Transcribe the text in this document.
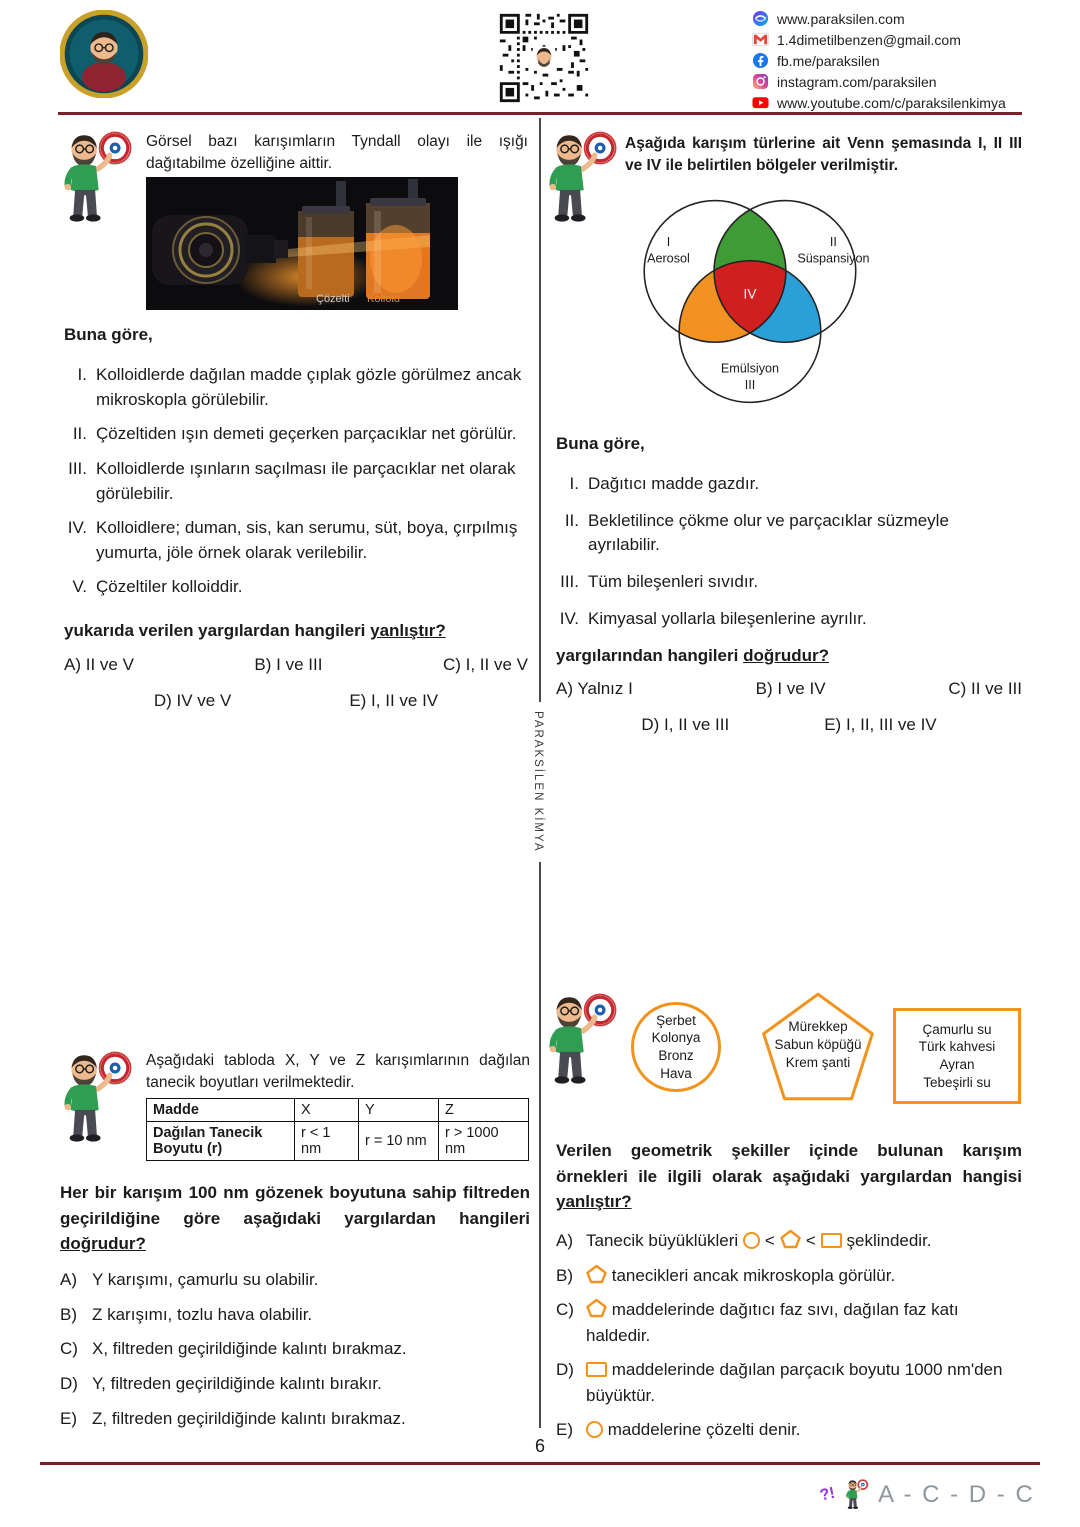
www.paraksilen.com
1.4dimetilbenzen@gmail.com
fb.me/paraksilen
instagram.com/paraksilen
www.youtube.com/c/paraksilenkimya
PARAKSİLEN KİMYA
Görsel bazı karışımların Tyndall olayı ile ışığı dağıtabilme özelliğine aittir.
Çözelti Kolloid
Buna göre,
I. Kolloidlerde dağılan madde çıplak gözle görülmez ancak mikroskopla görülebilir.
II. Çözeltiden ışın demeti geçerken parçacıklar net görülür.
III. Kolloidlerde ışınların saçılması ile parçacıklar net olarak görülebilir.
IV. Kolloidlere; duman, sis, kan serumu, süt, boya, çırpılmış yumurta, jöle örnek olarak verilebilir.
V. Çözeltiler kolloiddir.
yukarıda verilen yargılardan hangileri yanlıştır?
A) II ve V	B) I ve III	C) I, II ve V
D) IV ve V	E) I, II ve IV
Aşağıda karışım türlerine ait Venn şemasında I, II III ve IV ile belirtilen bölgeler verilmiştir.
I
Aerosol
II
Süspansiyon
IV
Emülsiyon
III
Buna göre,
I. Dağıtıcı madde gazdır.
II. Bekletilince çökme olur ve parçacıklar süzmeyle ayrılabilir.
III. Tüm bileşenleri sıvıdır.
IV. Kimyasal yollarla bileşenlerine ayrılır.
yargılarından hangileri doğrudur?
A) Yalnız I	B) I ve IV	C) II ve III
D) I, II ve III	E) I, II, III ve IV
Aşağıdaki tabloda X, Y ve Z karışımlarının dağılan tanecik boyutları verilmektedir.
Madde	X	Y	Z
Dağılan Tanecik Boyutu (r)	r < 1 nm	r = 10 nm	r > 1000 nm
Her bir karışım 100 nm gözenek boyutuna sahip filtreden geçirildiğine göre aşağıdaki yargılardan hangileri doğrudur?
A) Y karışımı, çamurlu su olabilir.
B) Z karışımı, tozlu hava olabilir.
C) X, filtreden geçirildiğinde kalıntı bırakmaz.
D) Y, filtreden geçirildiğinde kalıntı bırakır.
E) Z, filtreden geçirildiğinde kalıntı bırakmaz.
Şerbet
Kolonya
Bronz
Hava
Mürekkep
Sabun köpüğü
Krem şanti
Çamurlu su
Türk kahvesi
Ayran
Tebeşirli su
Verilen geometrik şekiller içinde bulunan karışım örnekleri ile ilgili olarak aşağıdaki yargılardan hangisi yanlıştır?
A) Tanecik büyüklükleri < < şeklindedir.
B)	tanecikleri ancak mikroskopla görülür.
C)	maddelerinde dağıtıcı faz sıvı, dağılan faz katı haldedir.
D)	maddelerinde dağılan parçacık boyutu 1000 nm'den büyüktür.
E)	maddelerine çözelti denir.
6
?! A - C - D - C
